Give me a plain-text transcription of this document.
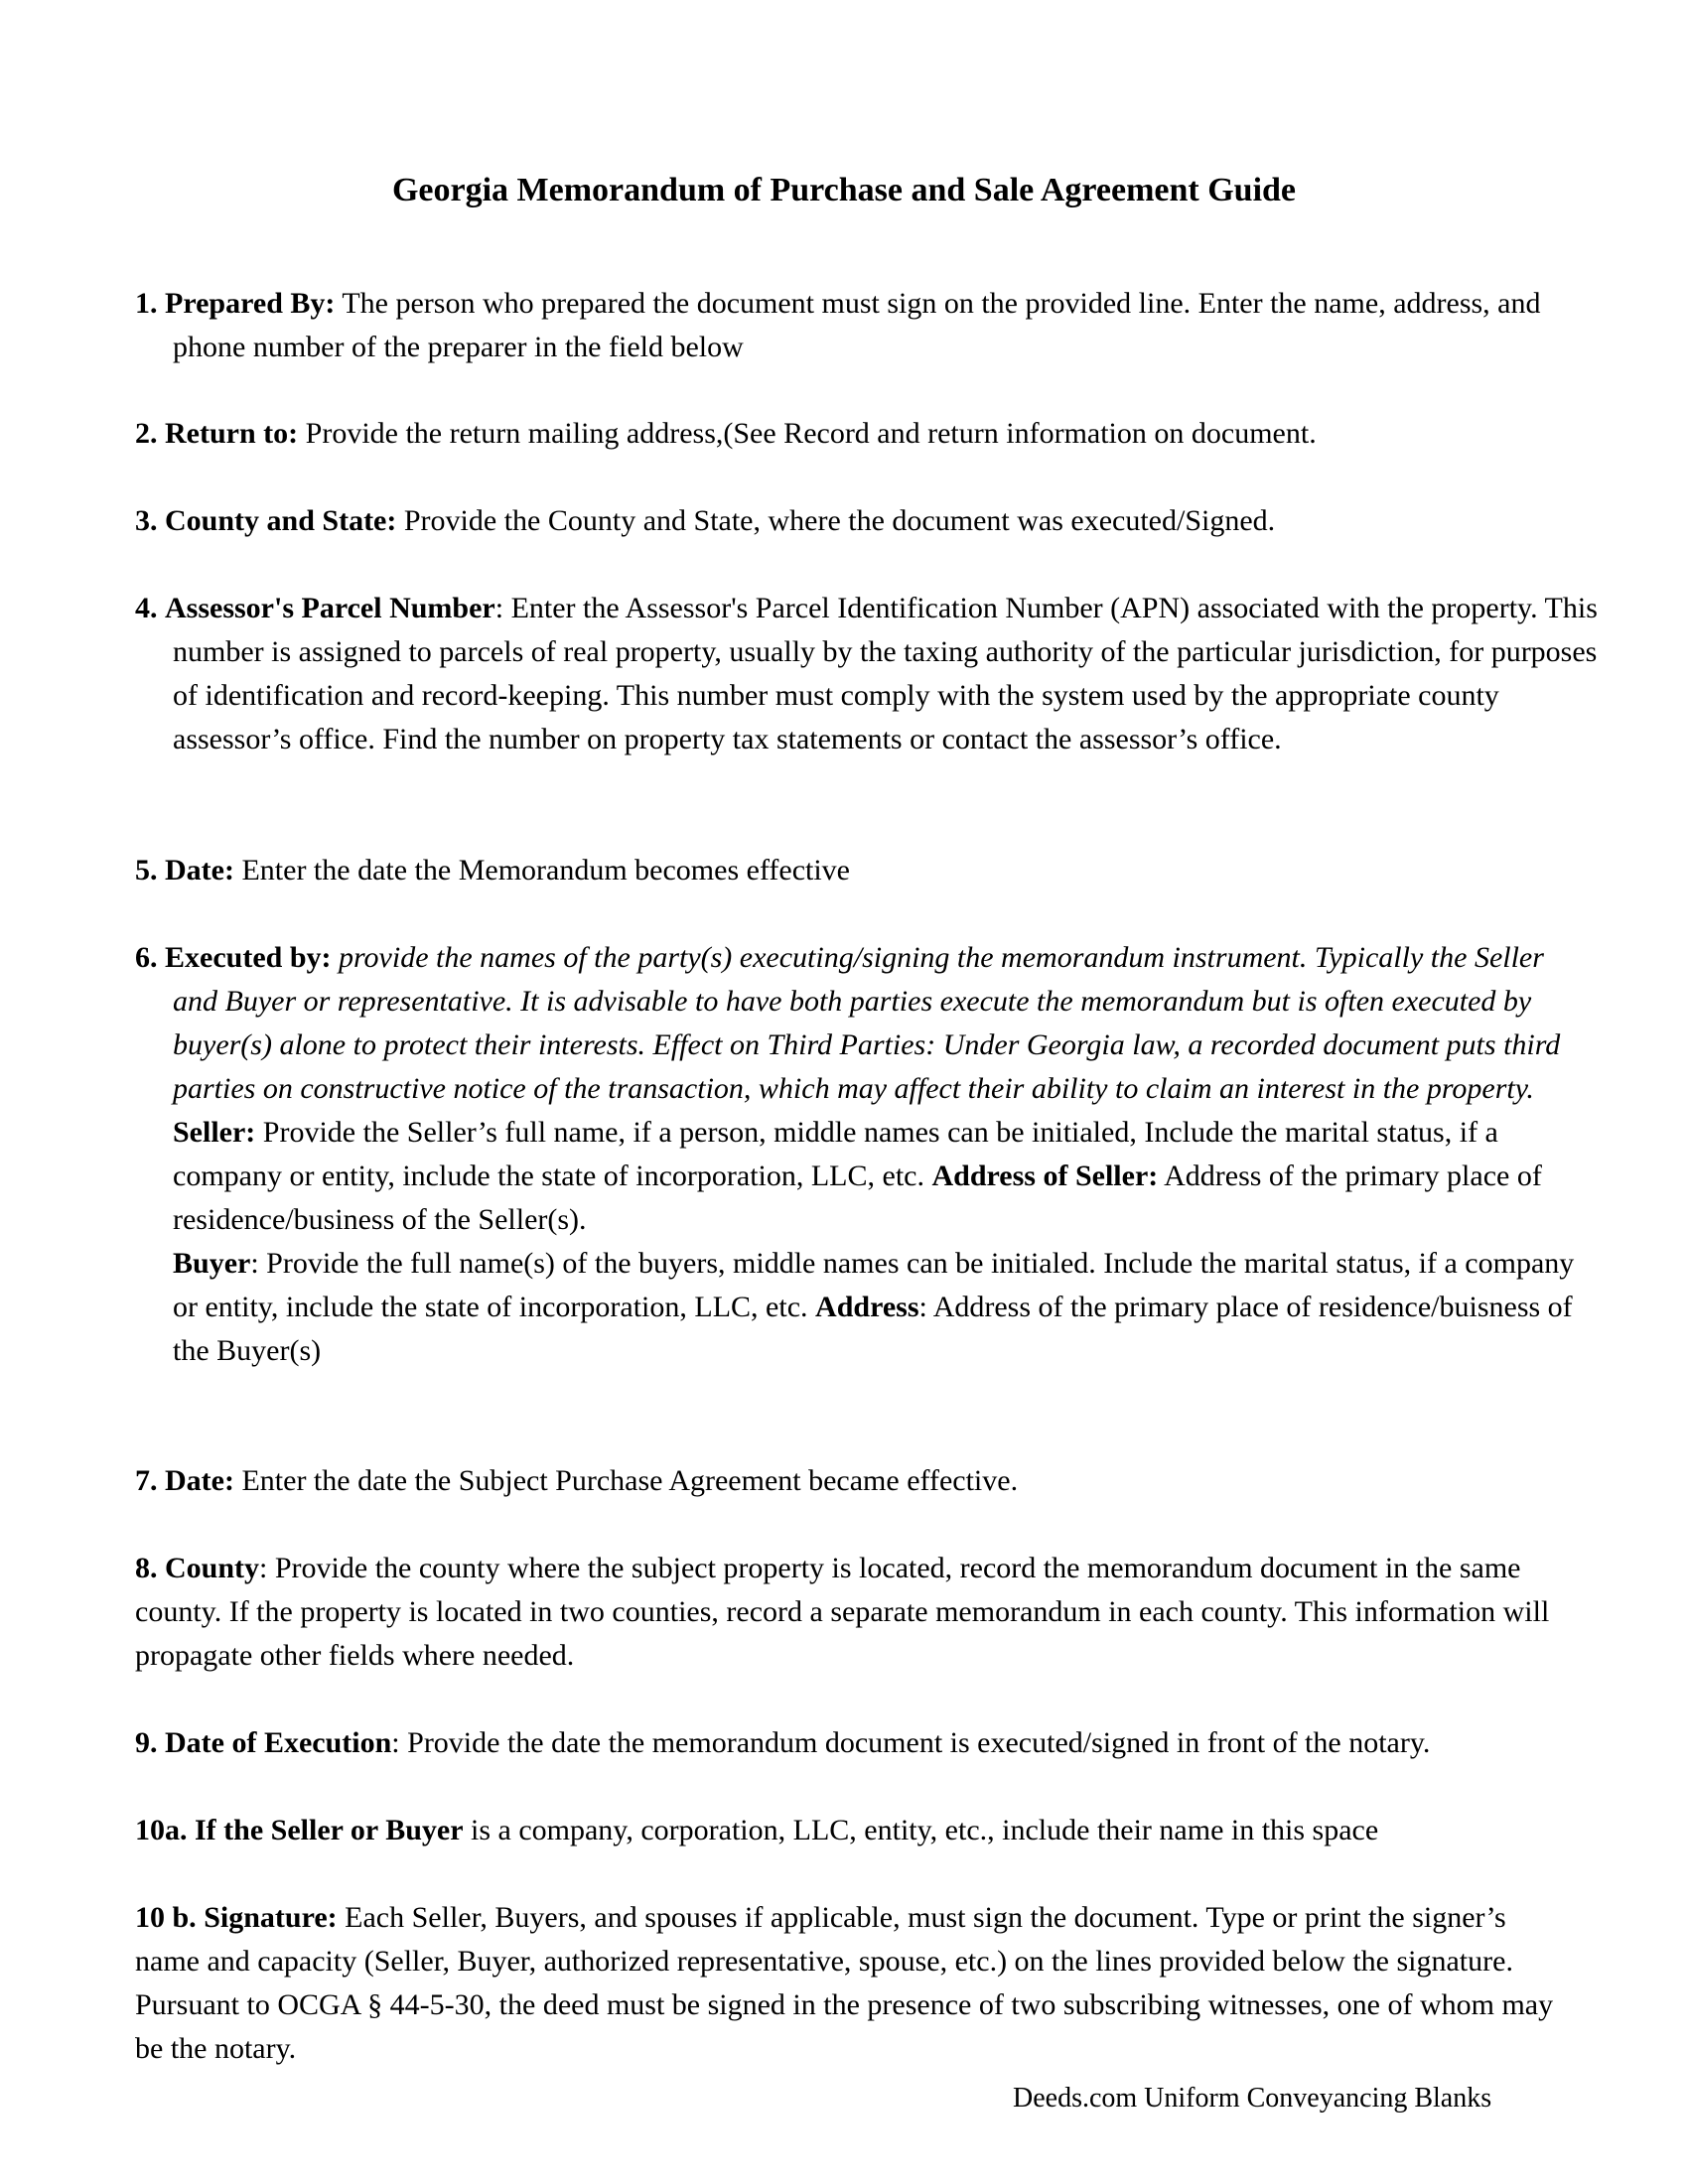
Georgia Memorandum of Purchase and Sale Agreement Guide
1. Prepared By: The person who prepared the document must sign on the provided line. Enter the name, address, and phone number of the preparer in the field below
2. Return to: Provide the return mailing address,(See Record and return information on document.
3. County and State: Provide the County and State, where the document was executed/Signed.
4. Assessor's Parcel Number: Enter the Assessor's Parcel Identification Number (APN) associated with the property. This number is assigned to parcels of real property, usually by the taxing authority of the particular jurisdiction, for purposes of identification and record-keeping. This number must comply with the system used by the appropriate county assessor’s office. Find the number on property tax statements or contact the assessor’s office.
5. Date: Enter the date the Memorandum becomes effective
6. Executed by: provide the names of the party(s) executing/signing the memorandum instrument. Typically the Seller and Buyer or representative. It is advisable to have both parties execute the memorandum but is often executed by buyer(s) alone to protect their interests. Effect on Third Parties: Under Georgia law, a recorded document puts third parties on constructive notice of the transaction, which may affect their ability to claim an interest in the property.
Seller: Provide the Seller’s full name, if a person, middle names can be initialed, Include the marital status, if a company or entity, include the state of incorporation, LLC, etc. Address of Seller: Address of the primary place of residence/business of the Seller(s).
Buyer: Provide the full name(s) of the buyers, middle names can be initialed. Include the marital status, if a company or entity, include the state of incorporation, LLC, etc. Address: Address of the primary place of residence/buisness of the Buyer(s)
7. Date: Enter the date the Subject Purchase Agreement became effective.
8. County: Provide the county where the subject property is located, record the memorandum document in the same county. If the property is located in two counties, record a separate memorandum in each county. This information will propagate other fields where needed.
9. Date of Execution: Provide the date the memorandum document is executed/signed in front of the notary.
10a. If the Seller or Buyer is a company, corporation, LLC, entity, etc., include their name in this space
10 b. Signature: Each Seller, Buyers, and spouses if applicable, must sign the document. Type or print the signer’s name and capacity (Seller, Buyer, authorized representative, spouse, etc.) on the lines provided below the signature. Pursuant to OCGA § 44-5-30, the deed must be signed in the presence of two subscribing witnesses, one of whom may be the notary.
Deeds.com Uniform Conveyancing Blanks
